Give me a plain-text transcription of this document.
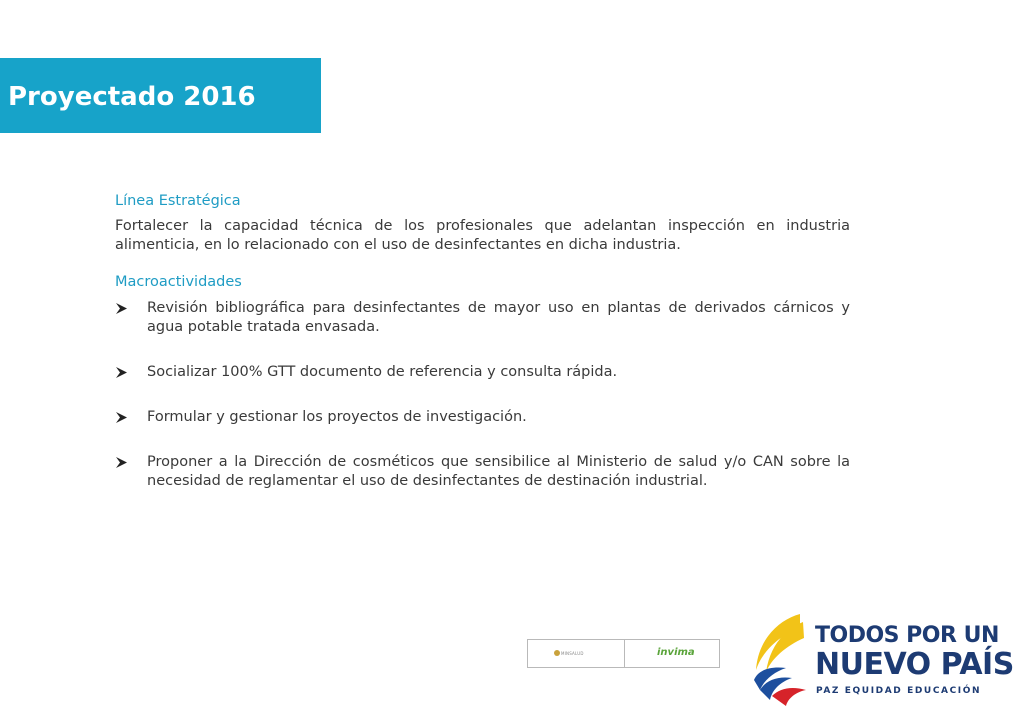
Proyectado 2016

Línea Estratégica

Fortalecer la capacidad técnica de los profesionales que adelantan inspección en industria alimenticia, en lo relacionado con el uso de desinfectantes en dicha industria.

Macroactividades

Revisión bibliográfica para desinfectantes de mayor uso en plantas de derivados cárnicos y agua potable tratada envasada.
Socializar 100% GTT documento de referencia y consulta rápida.
Formular y gestionar los proyectos de investigación.
Proponer a la Dirección de cosméticos que sensibilice al Ministerio de salud y/o CAN sobre la necesidad de reglamentar el uso de desinfectantes de destinación industrial.
MINSALUD	invima
TODOS POR UN
NUEVO PAÍS
PAZ EQUIDAD EDUCACIÓN
